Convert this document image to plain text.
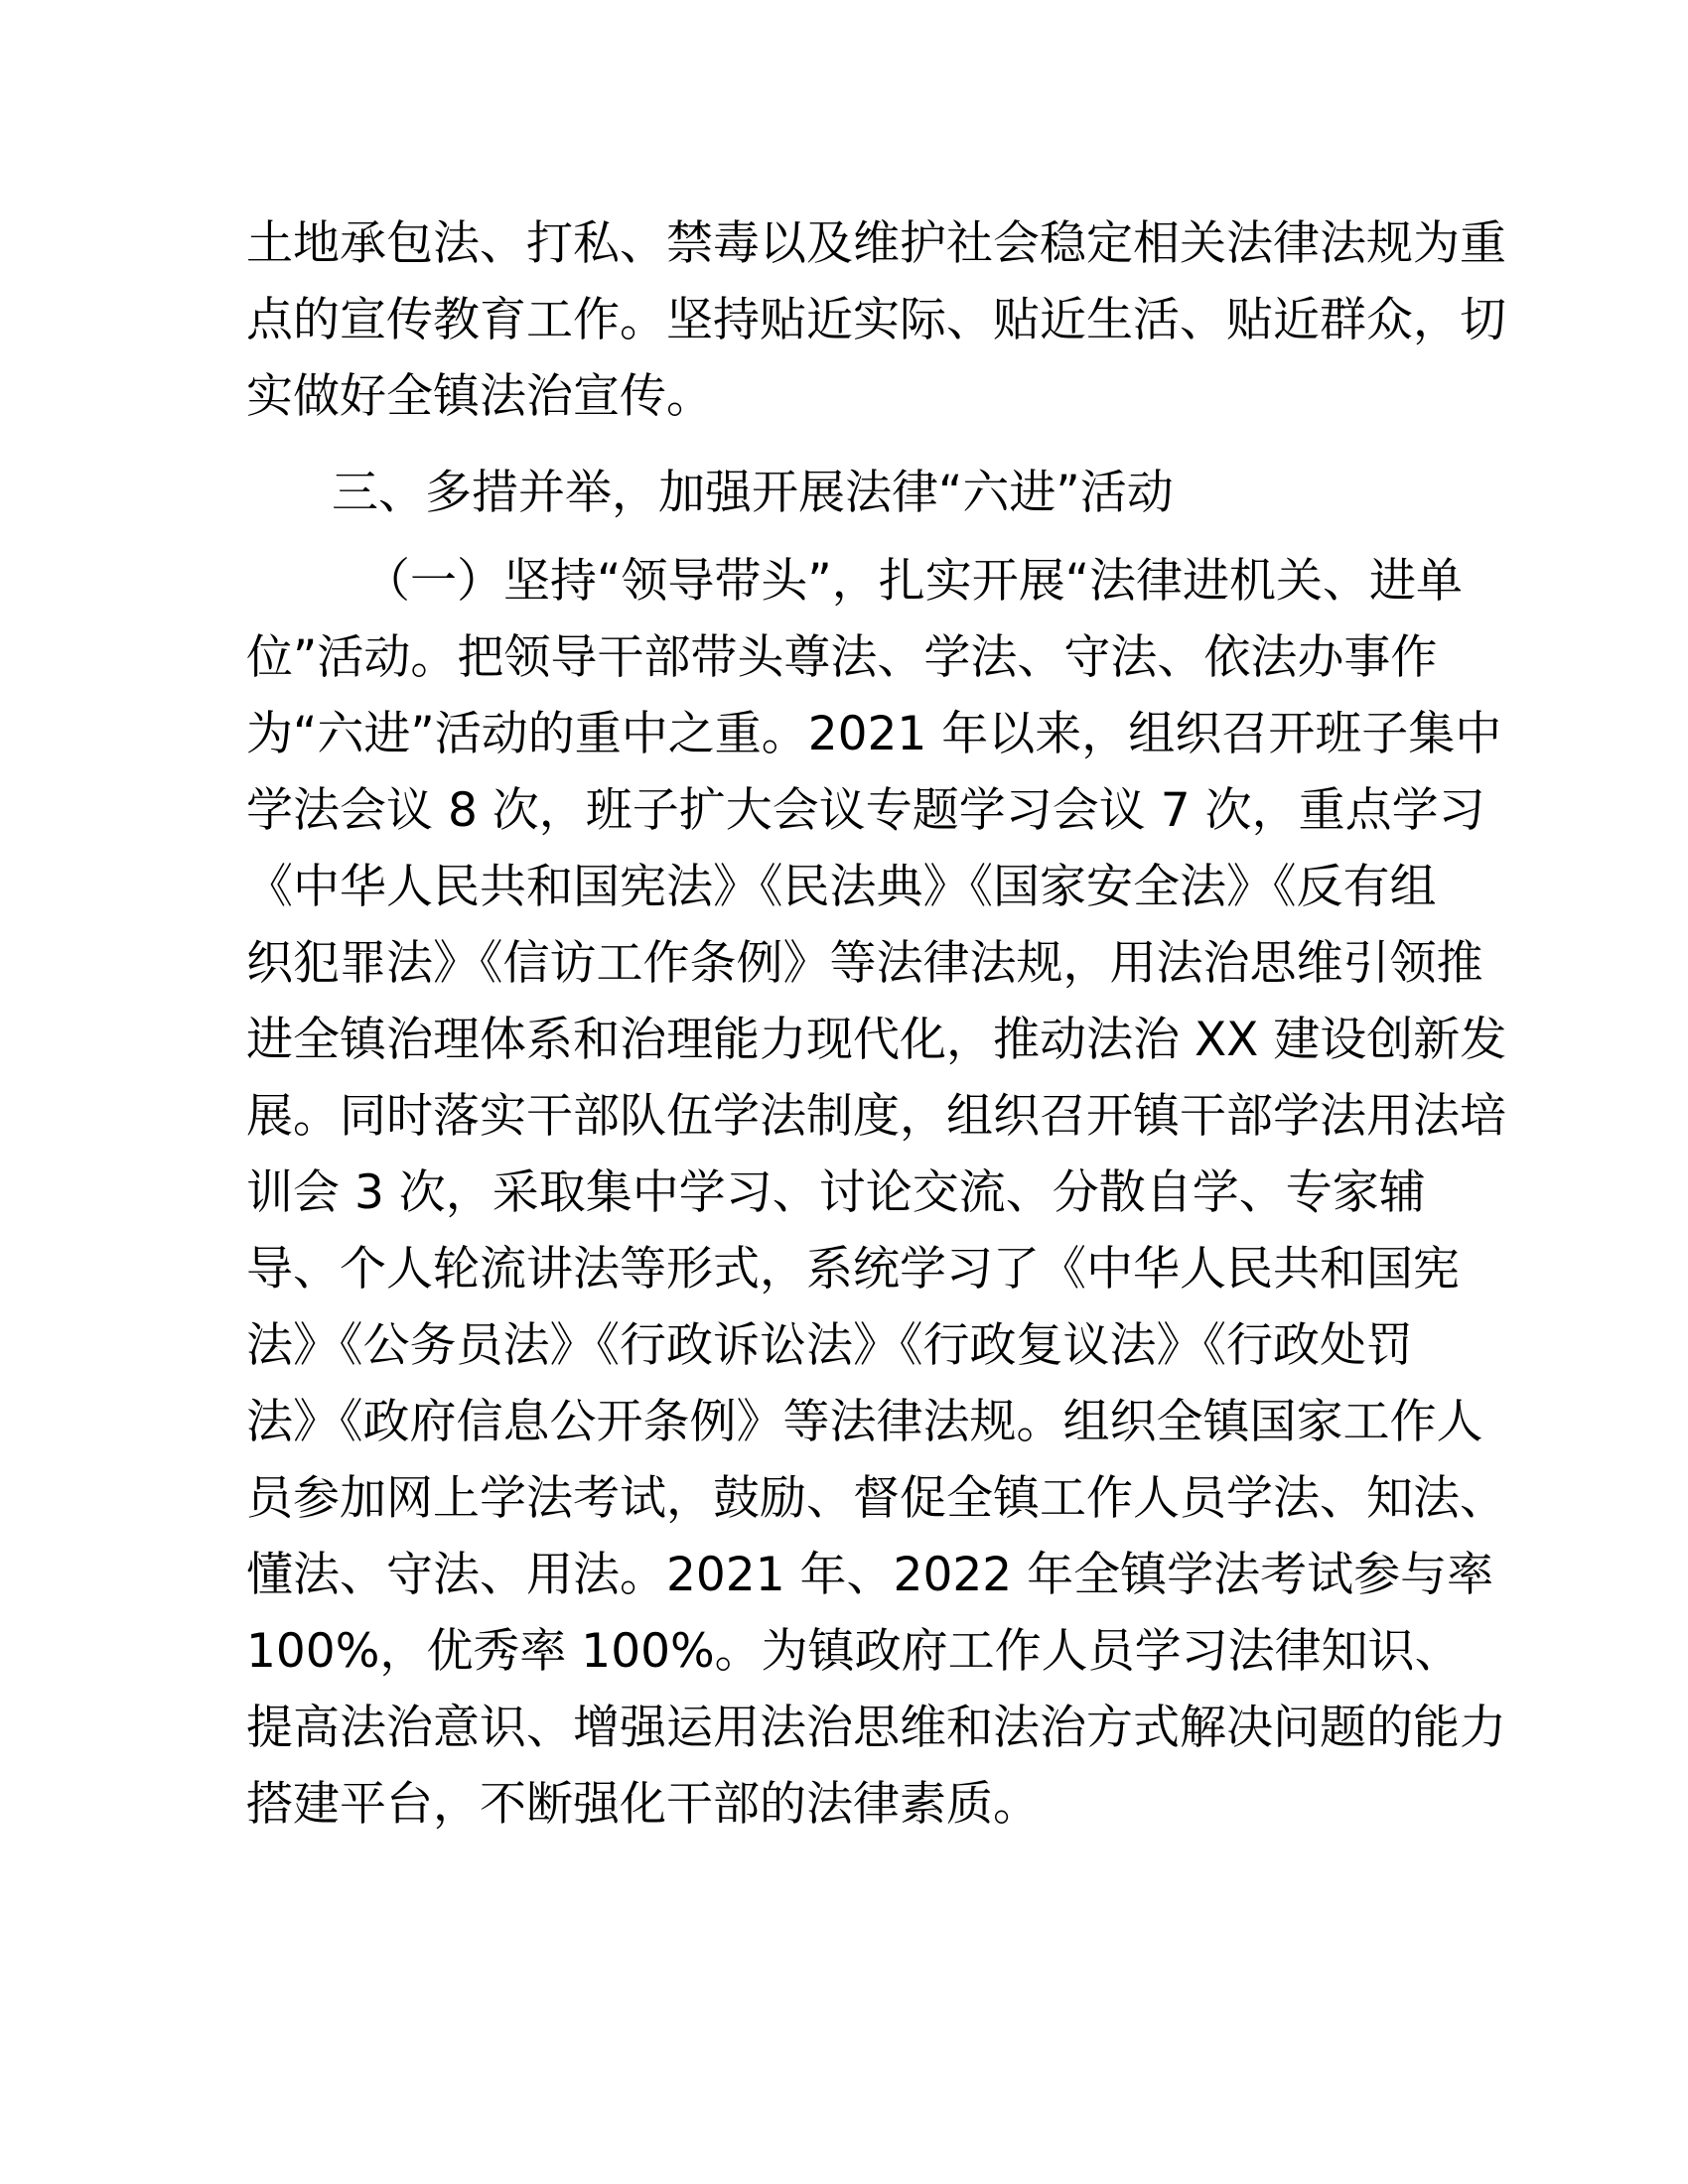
土地承包法、打私、禁毒以及维护社会稳定相关法律法规为重
点的宣传教育工作。坚持贴近实际、贴近生活、贴近群众，切
实做好全镇法治宣传。
三、多措并举，加强开展法律“六进”活动
（一）坚持“领导带头”，扎实开展“法律进机关、进单
位”活动。把领导干部带头尊法、学法、守法、依法办事作
为“六进”活动的重中之重。2021 年以来，组织召开班子集中
学法会议 8 次，班子扩大会议专题学习会议 7 次，重点学习
《中华人民共和国宪法》《民法典》《国家安全法》《反有组
织犯罪法》《信访工作条例》等法律法规，用法治思维引领推
进全镇治理体系和治理能力现代化，推动法治 XX 建设创新发
展。同时落实干部队伍学法制度，组织召开镇干部学法用法培
训会 3 次，采取集中学习、讨论交流、分散自学、专家辅
导、个人轮流讲法等形式，系统学习了《中华人民共和国宪
法》《公务员法》《行政诉讼法》《行政复议法》《行政处罚
法》《政府信息公开条例》等法律法规。组织全镇国家工作人
员参加网上学法考试，鼓励、督促全镇工作人员学法、知法、
懂法、守法、用法。2021 年、2022 年全镇学法考试参与率
100%，优秀率 100%。为镇政府工作人员学习法律知识、
提高法治意识、增强运用法治思维和法治方式解决问题的能力
搭建平台，不断强化干部的法律素质。
